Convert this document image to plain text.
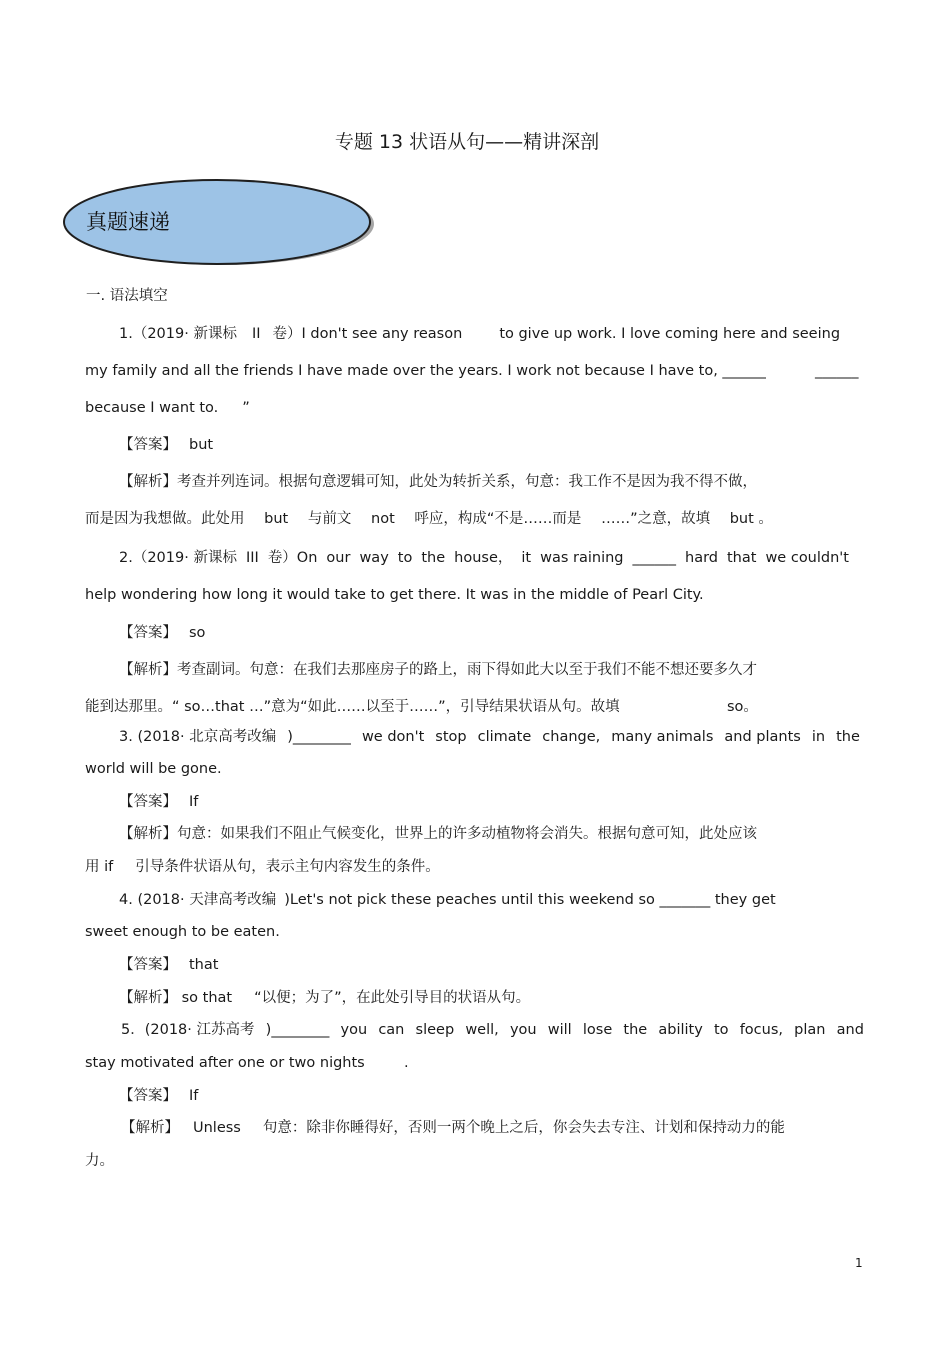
专题 13 状语从句——精讲深剖
真题速递
一. 语法填空
1.（2019· 新课标 II 卷）I don't see any reason	to give up work. I love coming here and seeing
my family and all the friends I have made over the years. I work not because I have to, ______	______
because I want to. ”
【答案】 but
【解析】考查并列连词。根据句意逻辑可知，此处为转折关系，句意：我工作不是因为我不得不做，
而是因为我想做。此处用 but 与前文 not 呼应，构成“不是……而是 ……”之意，故填 but 。
2.（2019· 新课标 III 卷）On our way to the house， it was raining ______ hard that we couldn't
help wondering how long it would take to get there. It was in the middle of Pearl City.
【答案】 so
【解析】考查副词。句意：在我们去那座房子的路上，雨下得如此大以至于我们不能不想还要多久才
能到达那里。“ so…that …”意为“如此……以至于……”，引导结果状语从句。故填	so。
3. (2018· 北京高考改编 )________ we don't stop climate change, many animals and plants in the
world will be gone.
【答案】 If
【解析】句意：如果我们不阻止气候变化，世界上的许多动植物将会消失。根据句意可知，此处应该
用 if 引导条件状语从句，表示主句内容发生的条件。
4. (2018· 天津高考改编 )Let's not pick these peaches until this weekend so _______ they get
sweet enough to be eaten.
【答案】 that
【解析】 so that “以便；为了”，在此处引导目的状语从句。
5．(2018· 江苏高考 )________ you can sleep well, you will lose the ability to focus, plan and
stay motivated after one or two nights	.
【答案】 If
【解析】 Unless 句意：除非你睡得好，否则一两个晚上之后，你会失去专注、计划和保持动力的能
力。
1
